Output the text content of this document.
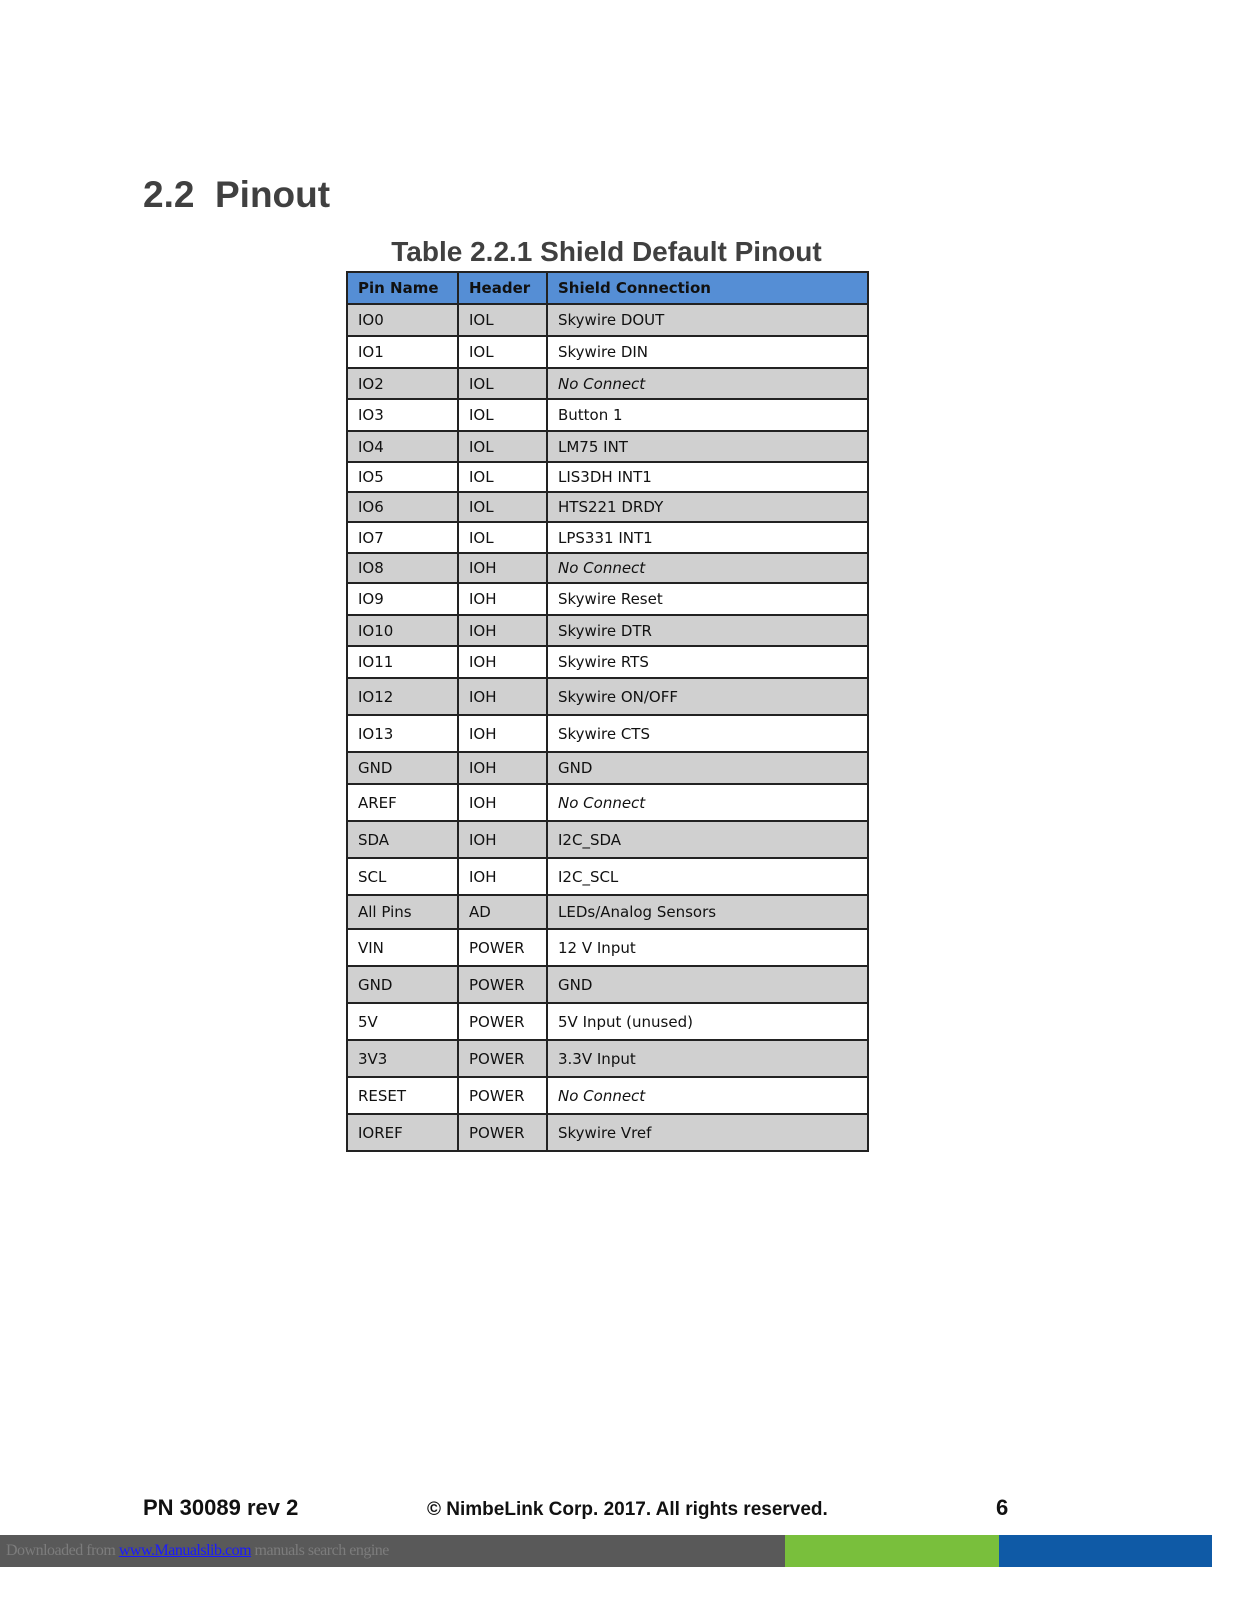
2.2  Pinout
Table 2.2.1 Shield Default Pinout
Pin Name	Header	Shield Connection
IO0	IOL	Skywire DOUT
IO1	IOL	Skywire DIN
IO2	IOL	No Connect
IO3	IOL	Button 1
IO4	IOL	LM75 INT
IO5	IOL	LIS3DH INT1
IO6	IOL	HTS221 DRDY
IO7	IOL	LPS331 INT1
IO8	IOH	No Connect
IO9	IOH	Skywire Reset
IO10	IOH	Skywire DTR
IO11	IOH	Skywire RTS
IO12	IOH	Skywire ON/OFF
IO13	IOH	Skywire CTS
GND	IOH	GND
AREF	IOH	No Connect
SDA	IOH	I2C_SDA
SCL	IOH	I2C_SCL
All Pins	AD	LEDs/Analog Sensors
VIN	POWER	12 V Input
GND	POWER	GND
5V	POWER	5V Input (unused)
3V3	POWER	3.3V Input
RESET	POWER	No Connect
IOREF	POWER	Skywire Vref
PN 30089 rev 2	© NimbeLink Corp. 2017. All rights reserved.	6
Downloaded from www.Manualslib.com manuals search engine
